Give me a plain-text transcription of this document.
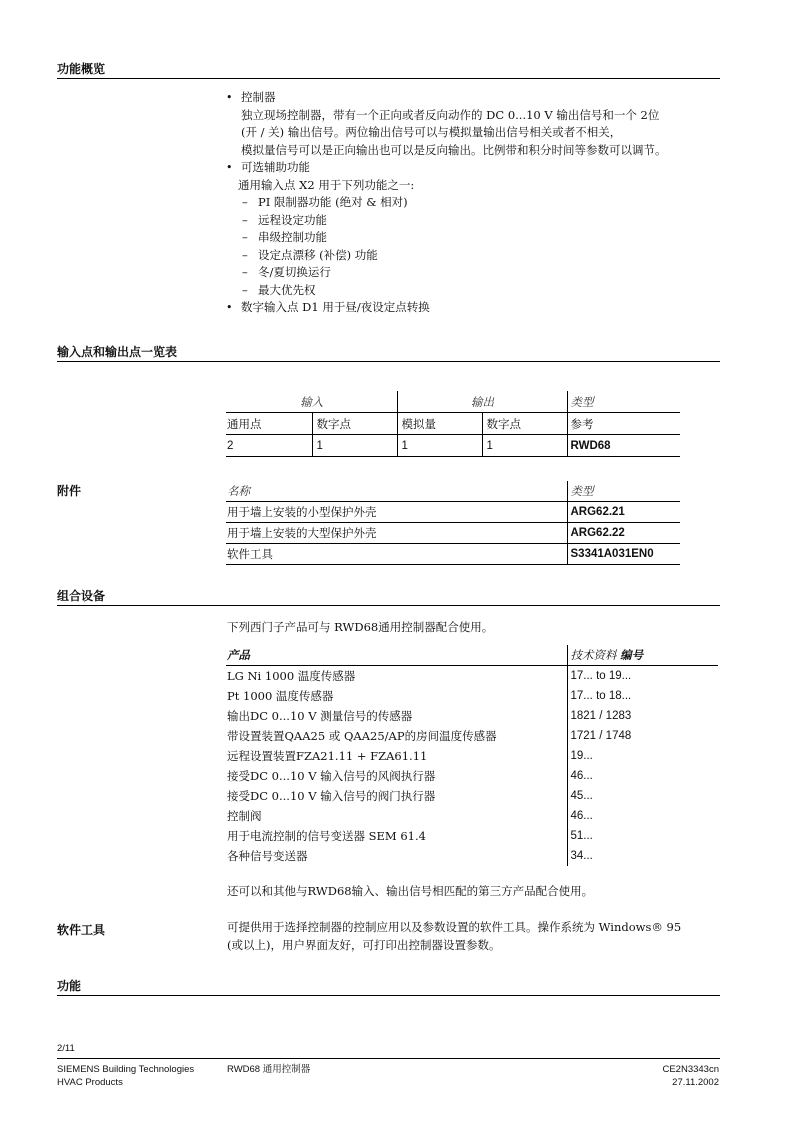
功能概览
• 控制器
独立现场控制器，带有一个正向或者反向动作的 DC 0...10 V 输出信号和一个 2位
(开 / 关) 输出信号。两位输出信号可以与模拟量输出信号相关或者不相关，
模拟量信号可以是正向输出也可以是反向输出。比例带和积分时间等参数可以调节。
• 可选辅助功能
通用输入点 X2 用于下列功能之一:
– PI 限制器功能 (绝对 & 相对)
– 远程设定功能
– 串级控制功能
– 设定点漂移 (补偿) 功能
– 冬/夏切换运行
– 最大优先权
• 数字输入点 D1 用于昼/夜设定点转换
输入点和输出点一览表
输入		输出		类型
通用点	数字点	模拟量	数字点	参考
2	1	1	1	RWD68
附件	名称	类型
用于墙上安装的小型保护外壳	ARG62.21
用于墙上安装的大型保护外壳	ARG62.22
软件工具	S3341A031EN0
组合设备
下列西门子产品可与 RWD68通用控制器配合使用。
产品	技术资料 编号
LG Ni 1000 温度传感器	17... to 19...
Pt 1000 温度传感器	17... to 18...
输出DC 0...10 V 测量信号的传感器	1821 / 1283
带设置装置QAA25 或 QAA25/AP的房间温度传感器	1721 / 1748
远程设置装置FZA21.11 + FZA61.11	19...
接受DC 0...10 V 输入信号的风阀执行器	46...
接受DC 0...10 V 输入信号的阀门执行器	45...
控制阀	46...
用于电流控制的信号变送器 SEM 61.4	51...
各种信号变送器	34...
还可以和其他与RWD68输入、输出信号相匹配的第三方产品配合使用。
软件工具	可提供用于选择控制器的控制应用以及参数设置的软件工具。操作系统为 Windows® 95
(或以上)，用户界面友好，可打印出控制器设置参数。
功能
2/11
SIEMENS Building Technologies
HVAC Products
RWD68 通用控制器	CE2N3343cn
27.11.2002
